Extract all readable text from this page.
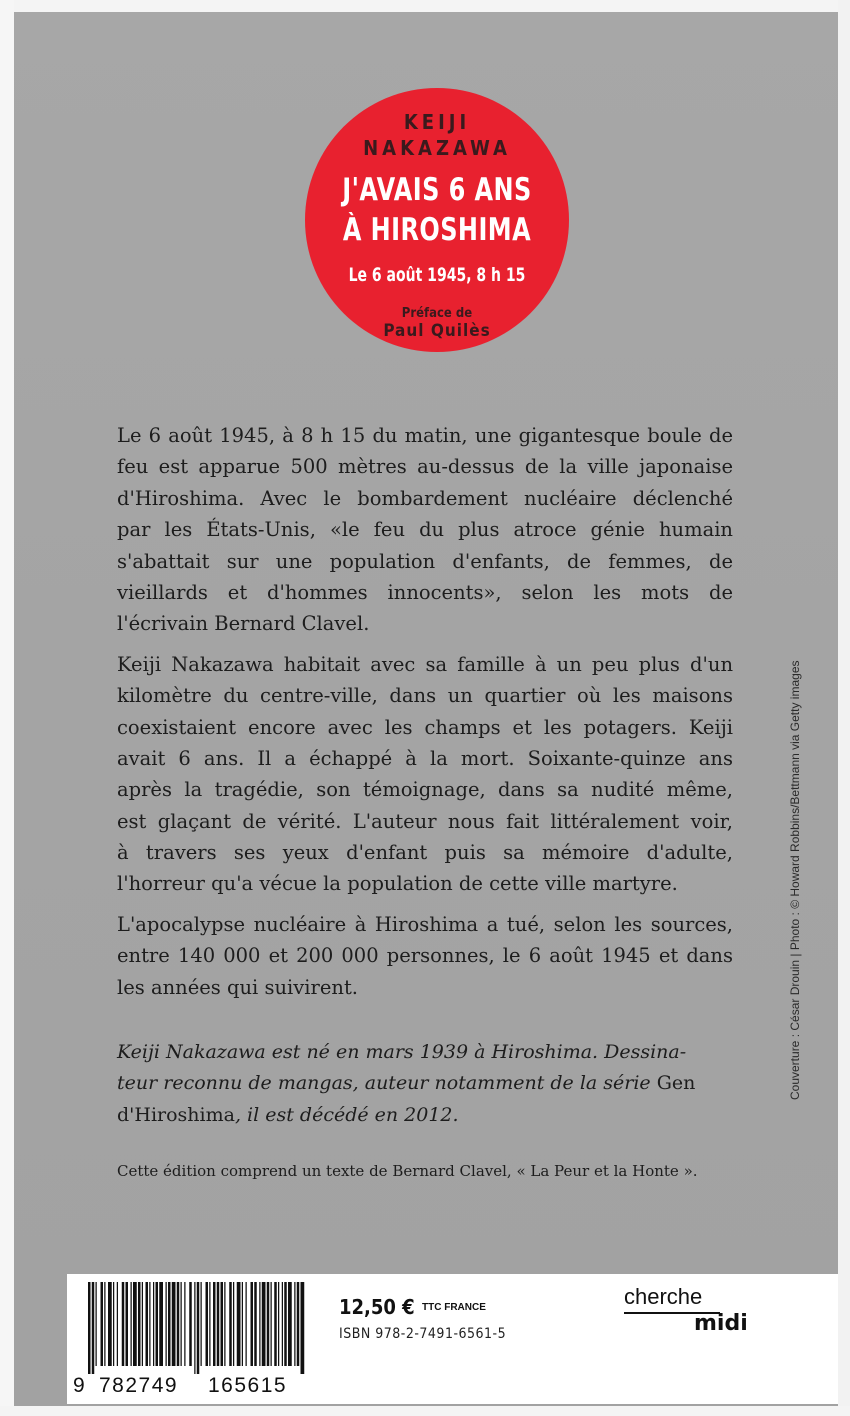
KEIJI
NAKAZAWA
J'AVAIS 6 ANS
À HIROSHIMA
Le 6 août 1945, 8 h 15
Préface de
Paul Quilès
Le 6 août 1945, à 8 h 15 du matin, une gigantesque boule de
feu est apparue 500 mètres au-dessus de la ville japonaise
d'Hiroshima. Avec le bombardement nucléaire déclenché
par les États-Unis, «le feu du plus atroce génie humain
s'abattait sur une population d'enfants, de femmes, de
vieillards et d'hommes innocents», selon les mots de
l'écrivain Bernard Clavel.
Keiji Nakazawa habitait avec sa famille à un peu plus d'un
kilomètre du centre-ville, dans un quartier où les maisons
coexistaient encore avec les champs et les potagers. Keiji
avait 6 ans. Il a échappé à la mort. Soixante-quinze ans
après la tragédie, son témoignage, dans sa nudité même,
est glaçant de vérité. L'auteur nous fait littéralement voir,
à travers ses yeux d'enfant puis sa mémoire d'adulte,
l'horreur qu'a vécue la population de cette ville martyre.
L'apocalypse nucléaire à Hiroshima a tué, selon les sources,
entre 140 000 et 200 000 personnes, le 6 août 1945 et dans
les années qui suivirent.
Keiji Nakazawa est né en mars 1939 à Hiroshima. Dessina-
teur reconnu de mangas, auteur notamment de la série Gen
d'Hiroshima, il est décédé en 2012.
Cette édition comprend un texte de Bernard Clavel, « La Peur et la Honte ».
Couverture : César Drouin | Photo : © Howard Robbins/Bettmann via Getty images
9 782749 165615
12,50 € TTC FRANCE
ISBN 978-2-7491-6561-5
cherche
midi
